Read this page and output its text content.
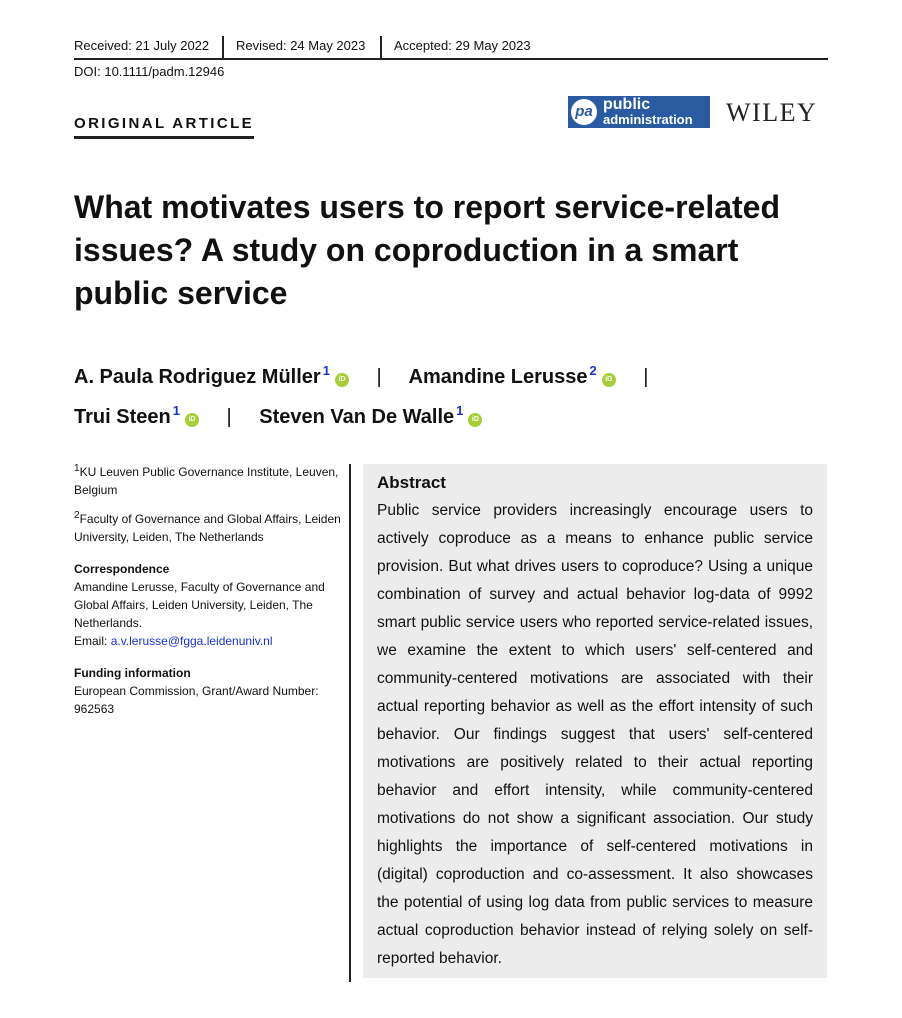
Received: 21 July 2022 Revised: 24 May 2023 Accepted: 29 May 2023
DOI: 10.1111/padm.12946
ORIGINAL ARTICLE
pa public
administration WILEY
What motivates users to report service-related issues? A study on coproduction in a smart public service
A. Paula Rodriguez Müller $^1$iD | Amandine Lerusse $^2$iD |
Trui Steen $^1$iD | Steven Van De Walle $^1$iD

$^1$KU Leuven Public Governance Institute, Leuven, Belgium

$^2$Faculty of Governance and Global Affairs, Leiden University, Leiden, The Netherlands

Correspondence
Amandine Lerusse, Faculty of Governance and Global Affairs, Leiden University, Leiden, The Netherlands.
Email: a.v.lerusse@fgga.leidenuniv.nl

Funding information
European Commission, Grant/Award Number: 962563

Abstract

Public service providers increasingly encourage users to actively coproduce as a means to enhance public service provision. But what drives users to coproduce? Using a unique combination of survey and actual behavior log-data of 9992 smart public service users who reported service-related issues, we examine the extent to which users' self-centered and community-centered motivations are associated with their actual reporting behavior as well as the effort intensity of such behavior. Our findings suggest that users' self-centered motivations are positively related to their actual reporting behavior and effort intensity, while community-centered motivations do not show a significant association. Our study highlights the importance of self-centered motivations in (digital) coproduction and co-assessment. It also showcases the potential of using log data from public services to measure actual coproduction behavior instead of relying solely on self-reported behavior.
